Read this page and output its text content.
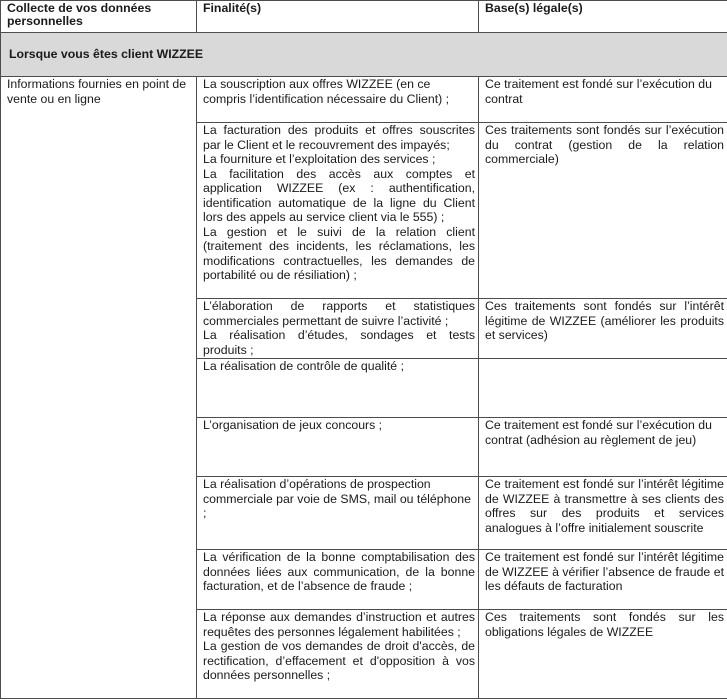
Collecte de vos données personnelles	Finalité(s)	Base(s) légale(s)
Lorsque vous êtes client WIZZEE		
Informations fournies en point de vente ou en ligne	La souscription aux offres WIZZEE (en ce compris l’identification nécessaire du Client) ;	Ce traitement est fondé sur l’exécution du contrat

	La facturation des produits et offres souscrites par le Client et le recouvrement des impayés;
La fourniture et l’exploitation des services ;
La facilitation des accès aux comptes et application WIZZEE (ex : authentification, identification automatique de la ligne du Client lors des appels au service client via le 555) ;
La gestion et le suivi de la relation client (traitement des incidents, les réclamations, les modifications contractuelles, les demandes de portabilité ou de résiliation) ;	Ces traitements sont fondés sur l’exécution du contrat (gestion de la relation commerciale)

	L’élaboration de rapports et statistiques commerciales permettant de suivre l’activité ;
La réalisation d’études, sondages et tests produits ;	Ces traitements sont fondés sur l’intérêt légitime de WIZZEE (améliorer les produits et services)

	La réalisation de contrôle de qualité ;	

	L’organisation de jeux concours ;	Ce traitement est fondé sur l’exécution du contrat (adhésion au règlement de jeu)

	La réalisation d’opérations de prospection commerciale par voie de SMS, mail ou téléphone ;	Ce traitement est fondé sur l’intérêt légitime de WIZZEE à transmettre à ses clients des offres sur des produits et services analogues à l’offre initialement souscrite

	La vérification de la bonne comptabilisation des données liées aux communication, de la bonne facturation, et de l’absence de fraude ;	Ce traitement est fondé sur l’intérêt légitime de WIZZEE à vérifier l’absence de fraude et les défauts de facturation

	La réponse aux demandes d’instruction et autres requêtes des personnes légalement habilitées ;
La gestion de vos demandes de droit d'accès, de rectification, d’effacement et d'opposition à vos données personnelles ;	Ces traitements sont fondés sur les obligations légales de WIZZEE
